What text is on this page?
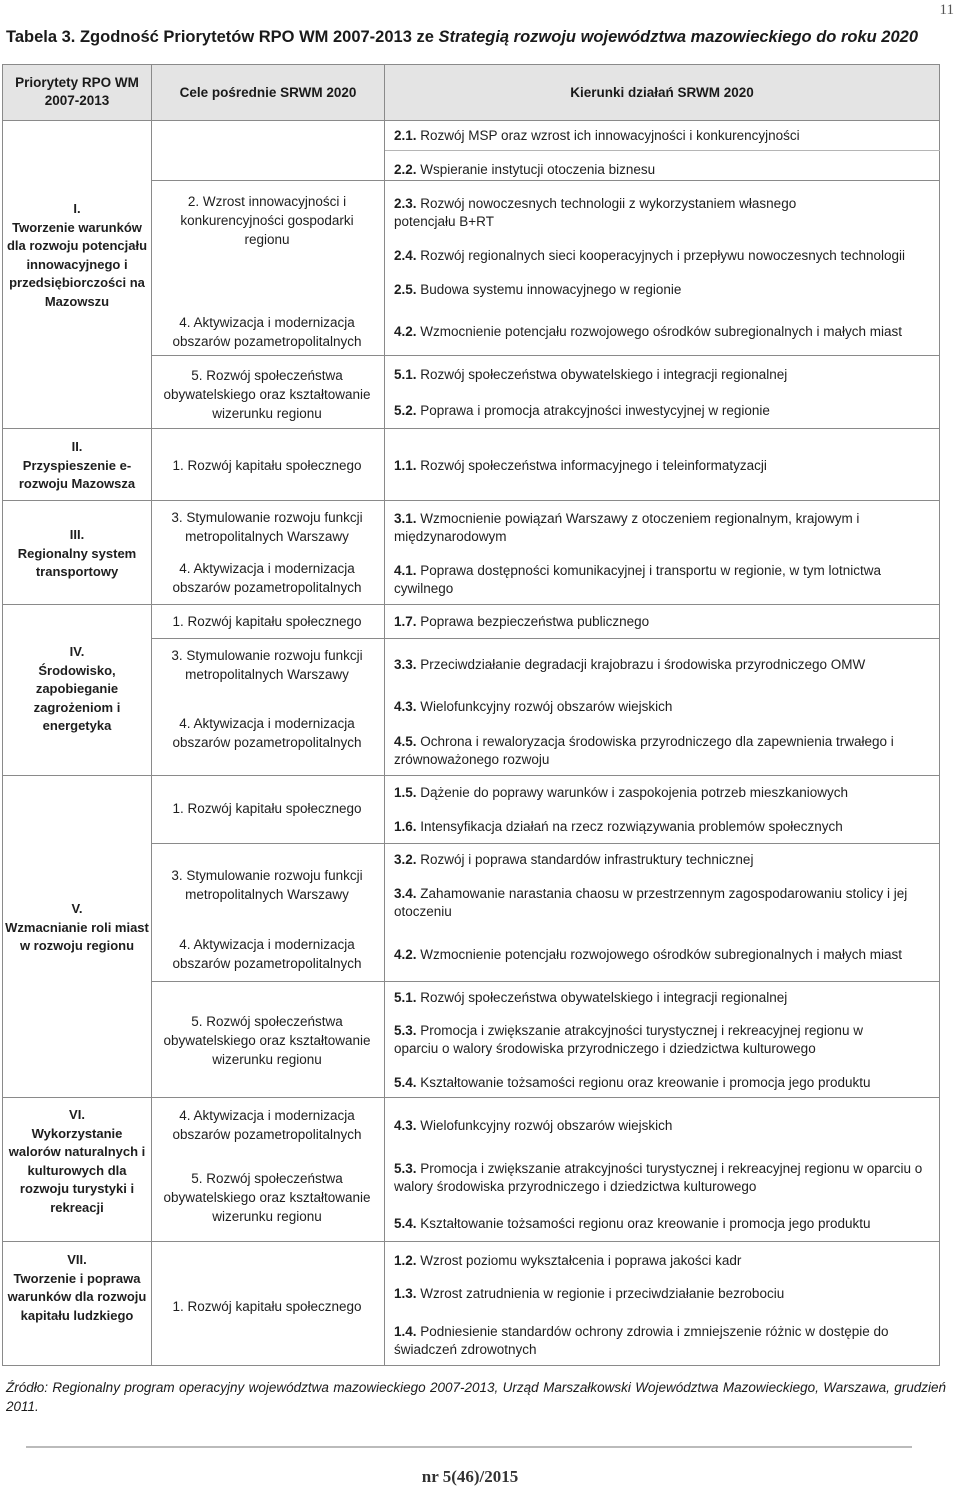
11
Tabela 3. Zgodność Priorytetów RPO WM 2007-2013 ze Strategią rozwoju województwa mazowieckiego do roku 2020
Priorytety RPO WM 2007-2013
Cele pośrednie SRWM 2020	Kierunki działań SRWM 2020
I.
Tworzenie warunków dla rozwoju potencjału innowacyjnego i przedsiębiorczości na Mazowszu
II.
Przyspieszenie e-rozwoju Mazowsza
III.
Regionalny system transportowy
IV.
Środowisko, zapobieganie zagrożeniom i energetyka
V.
Wzmacnianie roli miast w rozwoju regionu
VI.
Wykorzystanie walorów naturalnych i kulturowych dla rozwoju turystyki i rekreacji
VII.
Tworzenie i poprawa warunków dla rozwoju kapitału ludzkiego
2. Wzrost innowacyjności i konkurencyjności gospodarki regionu
4. Aktywizacja i modernizacja obszarów pozametropolitalnych
5. Rozwój społeczeństwa obywatelskiego oraz kształtowanie wizerunku regionu
1. Rozwój kapitału społecznego
3. Stymulowanie rozwoju funkcji metropolitalnych Warszawy
4. Aktywizacja i modernizacja obszarów pozametropolitalnych
1. Rozwój kapitału społecznego
3. Stymulowanie rozwoju funkcji metropolitalnych Warszawy
4. Aktywizacja i modernizacja obszarów pozametropolitalnych
1. Rozwój kapitału społecznego
3. Stymulowanie rozwoju funkcji metropolitalnych Warszawy
4. Aktywizacja i modernizacja obszarów pozametropolitalnych
5. Rozwój społeczeństwa obywatelskiego oraz kształtowanie wizerunku regionu
4. Aktywizacja i modernizacja obszarów pozametropolitalnych
5. Rozwój społeczeństwa obywatelskiego oraz kształtowanie wizerunku regionu
1. Rozwój kapitału społecznego
2.1. Rozwój MSP oraz wzrost ich innowacyjności i konkurencyjności
2.2. Wspieranie instytucji otoczenia biznesu
2.3. Rozwój nowoczesnych technologii z wykorzystaniem własnego potencjału B+RT
2.4. Rozwój regionalnych sieci kooperacyjnych i przepływu nowoczesnych technologii
2.5. Budowa systemu innowacyjnego w regionie
4.2. Wzmocnienie potencjału rozwojowego ośrodków subregionalnych i małych miast
5.1. Rozwój społeczeństwa obywatelskiego i integracji regionalnej
5.2. Poprawa i promocja atrakcyjności inwestycyjnej w regionie
1.1. Rozwój społeczeństwa informacyjnego i teleinformatyzacji
3.1. Wzmocnienie powiązań Warszawy z otoczeniem regionalnym, krajowym i międzynarodowym
4.1. Poprawa dostępności komunikacyjnej i transportu w regionie, w tym lotnictwa cywilnego
1.7. Poprawa bezpieczeństwa publicznego
3.3. Przeciwdziałanie degradacji krajobrazu i środowiska przyrodniczego OMW
4.3. Wielofunkcyjny rozwój obszarów wiejskich
4.5. Ochrona i rewaloryzacja środowiska przyrodniczego dla zapewnienia trwałego i zrównoważonego rozwoju
1.5. Dążenie do poprawy warunków i zaspokojenia potrzeb mieszkaniowych
1.6. Intensyfikacja działań na rzecz rozwiązywania problemów społecznych
3.2. Rozwój i poprawa standardów infrastruktury technicznej
3.4. Zahamowanie narastania chaosu w przestrzennym zagospodarowaniu stolicy i jej otoczeniu
4.2. Wzmocnienie potencjału rozwojowego ośrodków subregionalnych i małych miast
5.1. Rozwój społeczeństwa obywatelskiego i integracji regionalnej
5.3. Promocja i zwiększanie atrakcyjności turystycznej i rekreacyjnej regionu w oparciu o walory środowiska przyrodniczego i dziedzictwa kulturowego
5.4. Kształtowanie tożsamości regionu oraz kreowanie i promocja jego produktu
4.3. Wielofunkcyjny rozwój obszarów wiejskich
5.3. Promocja i zwiększanie atrakcyjności turystycznej i rekreacyjnej regionu w oparciu o walory środowiska przyrodniczego i dziedzictwa kulturowego
5.4. Kształtowanie tożsamości regionu oraz kreowanie i promocja jego produktu
1.2. Wzrost poziomu wykształcenia i poprawa jakości kadr
1.3. Wzrost zatrudnienia w regionie i przeciwdziałanie bezrobociu
1.4. Podniesienie standardów ochrony zdrowia i zmniejszenie różnic w dostępie do świadczeń zdrowotnych
Źródło: Regionalny program operacyjny województwa mazowieckiego 2007-2013, Urząd Marszałkowski Województwa Mazowieckiego, Warszawa, grudzień 2011.
nr 5(46)/2015
